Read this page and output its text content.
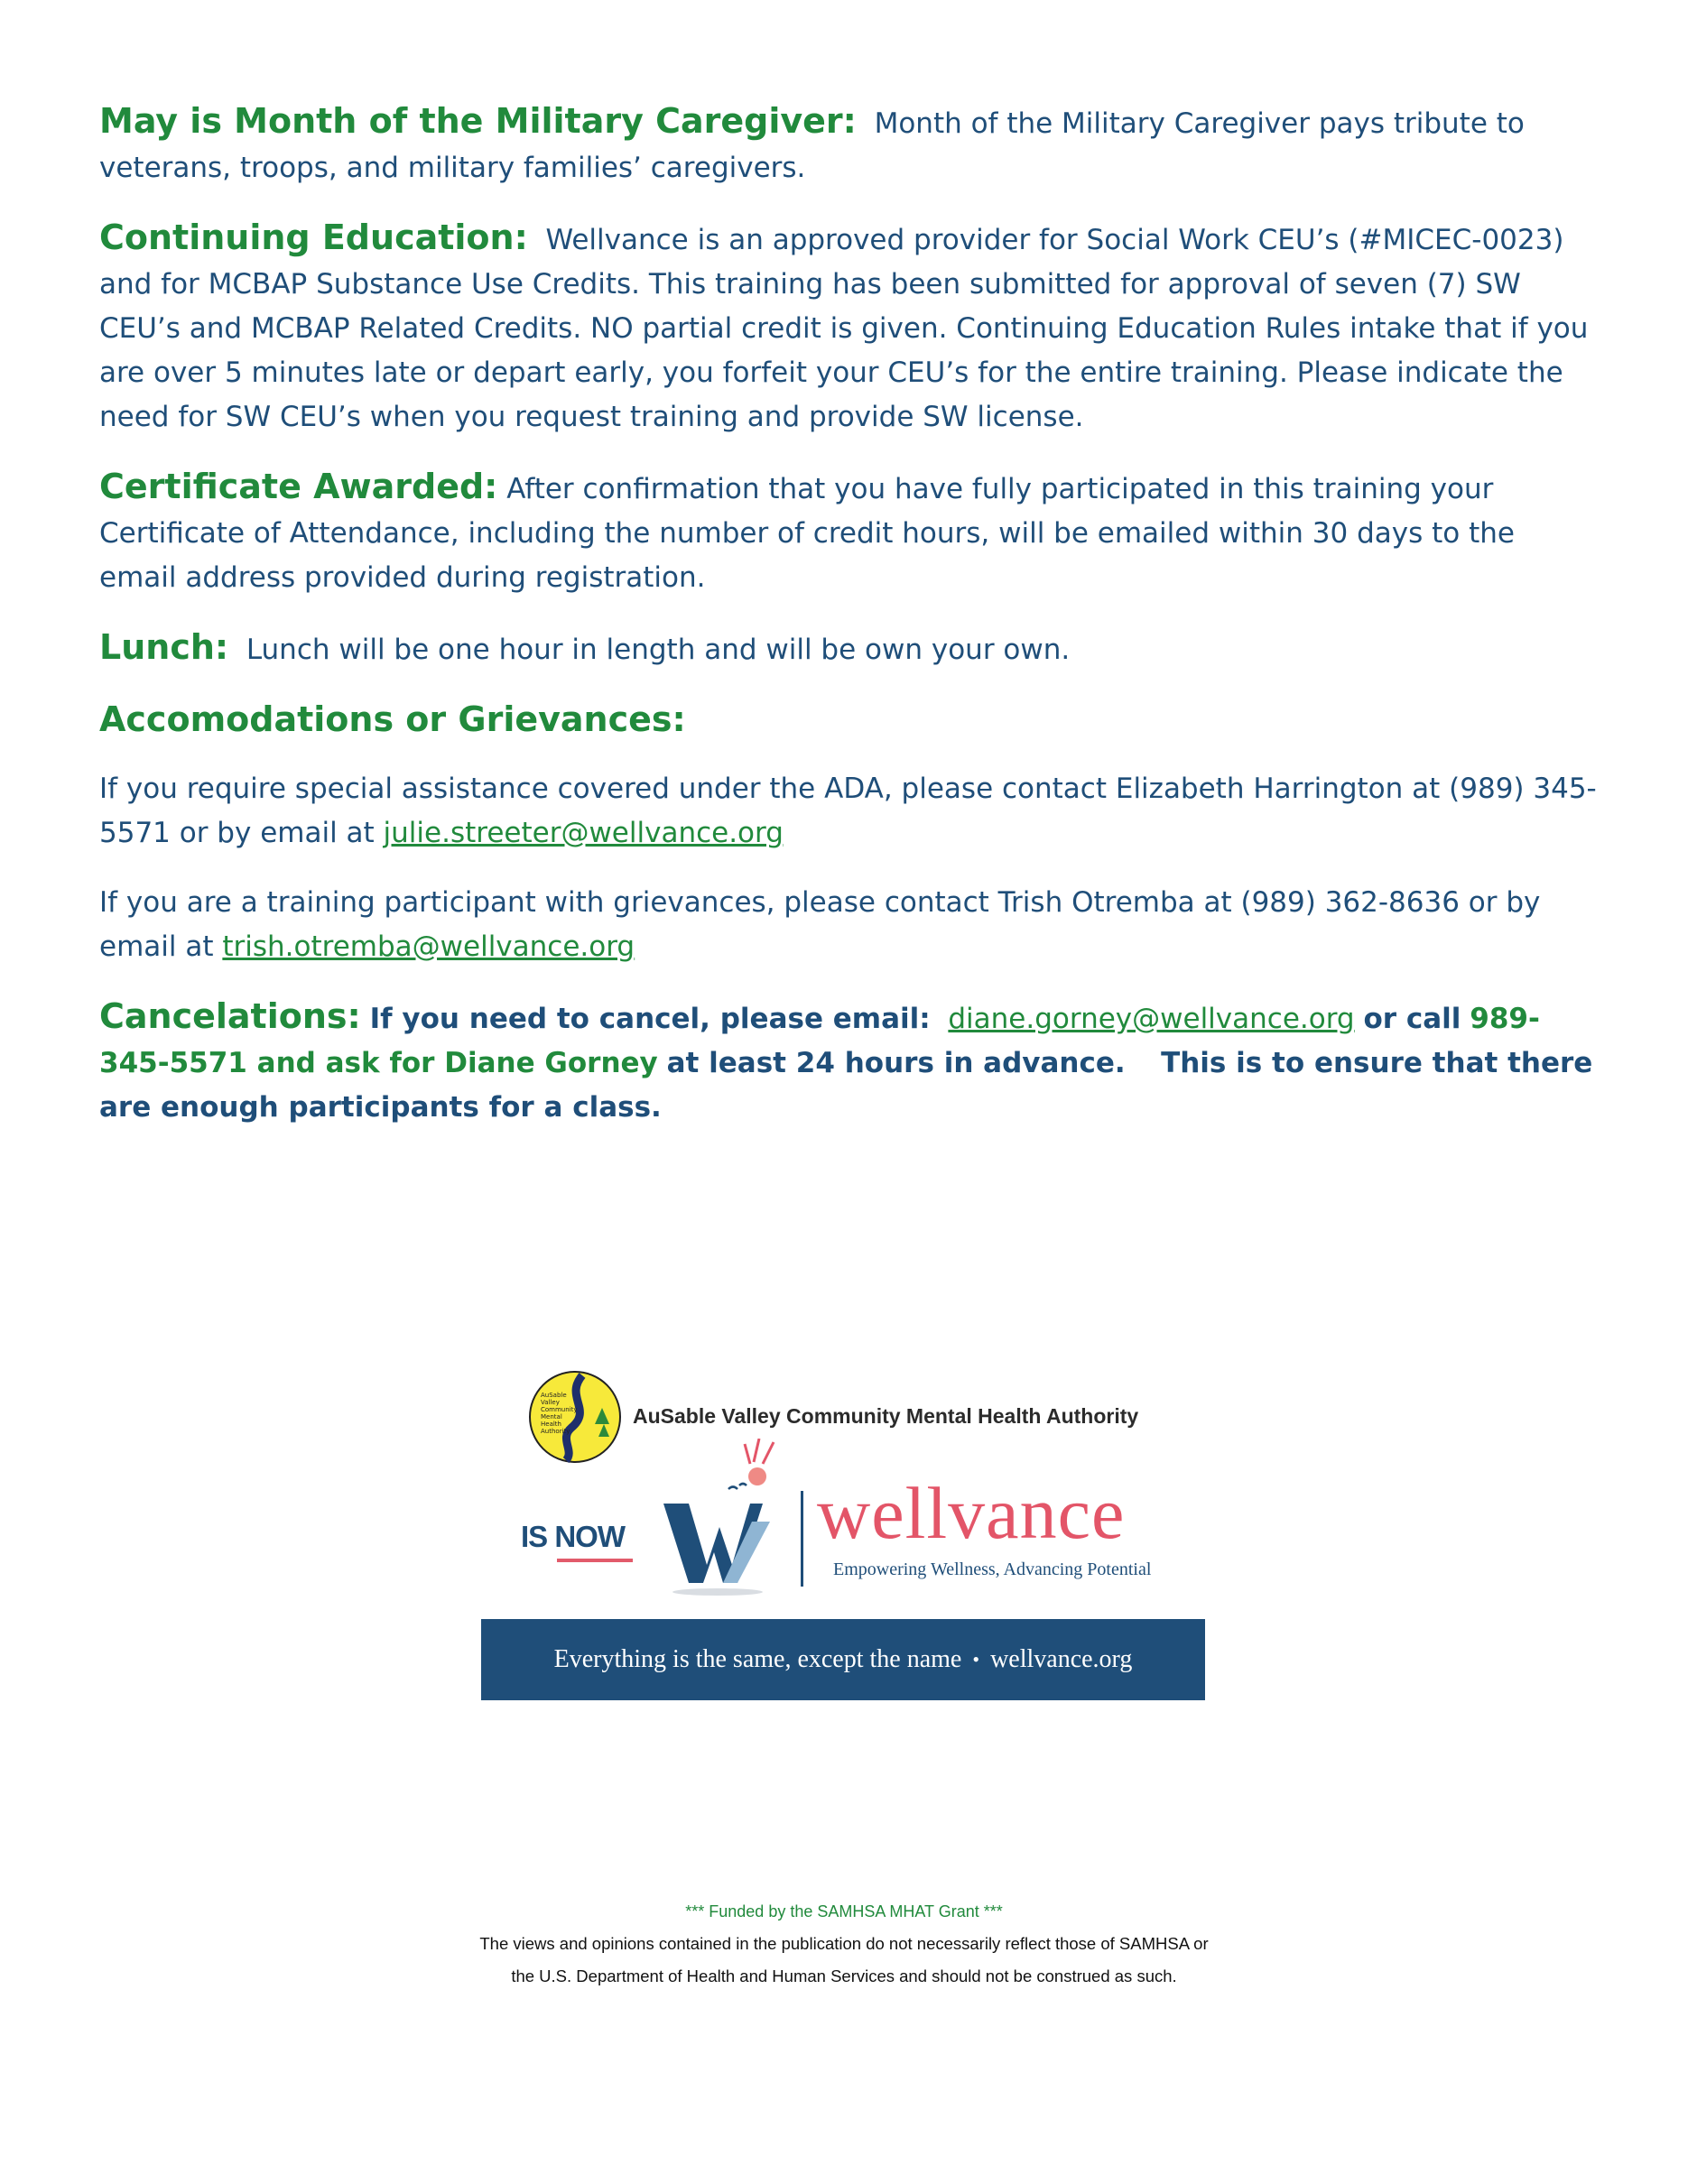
May is Month of the Military Caregiver: Month of the Military Caregiver pays tribute to veterans, troops, and military families’ caregivers.

Continuing Education: Wellvance is an approved provider for Social Work CEU’s (#MICEC-0023) and for MCBAP Substance Use Credits. This training has been submitted for approval of seven (7) SW CEU’s and MCBAP Related Credits. NO partial credit is given. Continuing Education Rules intake that if you are over 5 minutes late or depart early, you forfeit your CEU’s for the entire training. Please indicate the need for SW CEU’s when you request training and provide SW license.

Certificate Awarded: After confirmation that you have fully participated in this training your Certificate of Attendance, including the number of credit hours, will be emailed within 30 days to the email address provided during registration.

Lunch: Lunch will be one hour in length and will be own your own.

Accomodations or Grievances:

If you require special assistance covered under the ADA, please contact Elizabeth Harrington at (989) 345-5571 or by email at julie.streeter@wellvance.org

If you are a training participant with grievances, please contact Trish Otremba at (989) 362-8636 or by email at trish.otremba@wellvance.org

Cancelations: If you need to cancel, please email: diane.gorney@wellvance.org or call 989-345-5571 and ask for Diane Gorney at least 24 hours in advance. This is to ensure that there are enough participants for a class.

AuSable
Valley
Community
Mental
Health
Authority
AuSable Valley Community Mental Health Authority
IS NOW	wellvance
Empowering Wellness, Advancing Potential
Everything is the same, except the name • wellvance.org
*** Funded by the SAMHSA MHAT Grant ***
The views and opinions contained in the publication do not necessarily reflect those of SAMHSA or
the U.S. Department of Health and Human Services and should not be construed as such.
